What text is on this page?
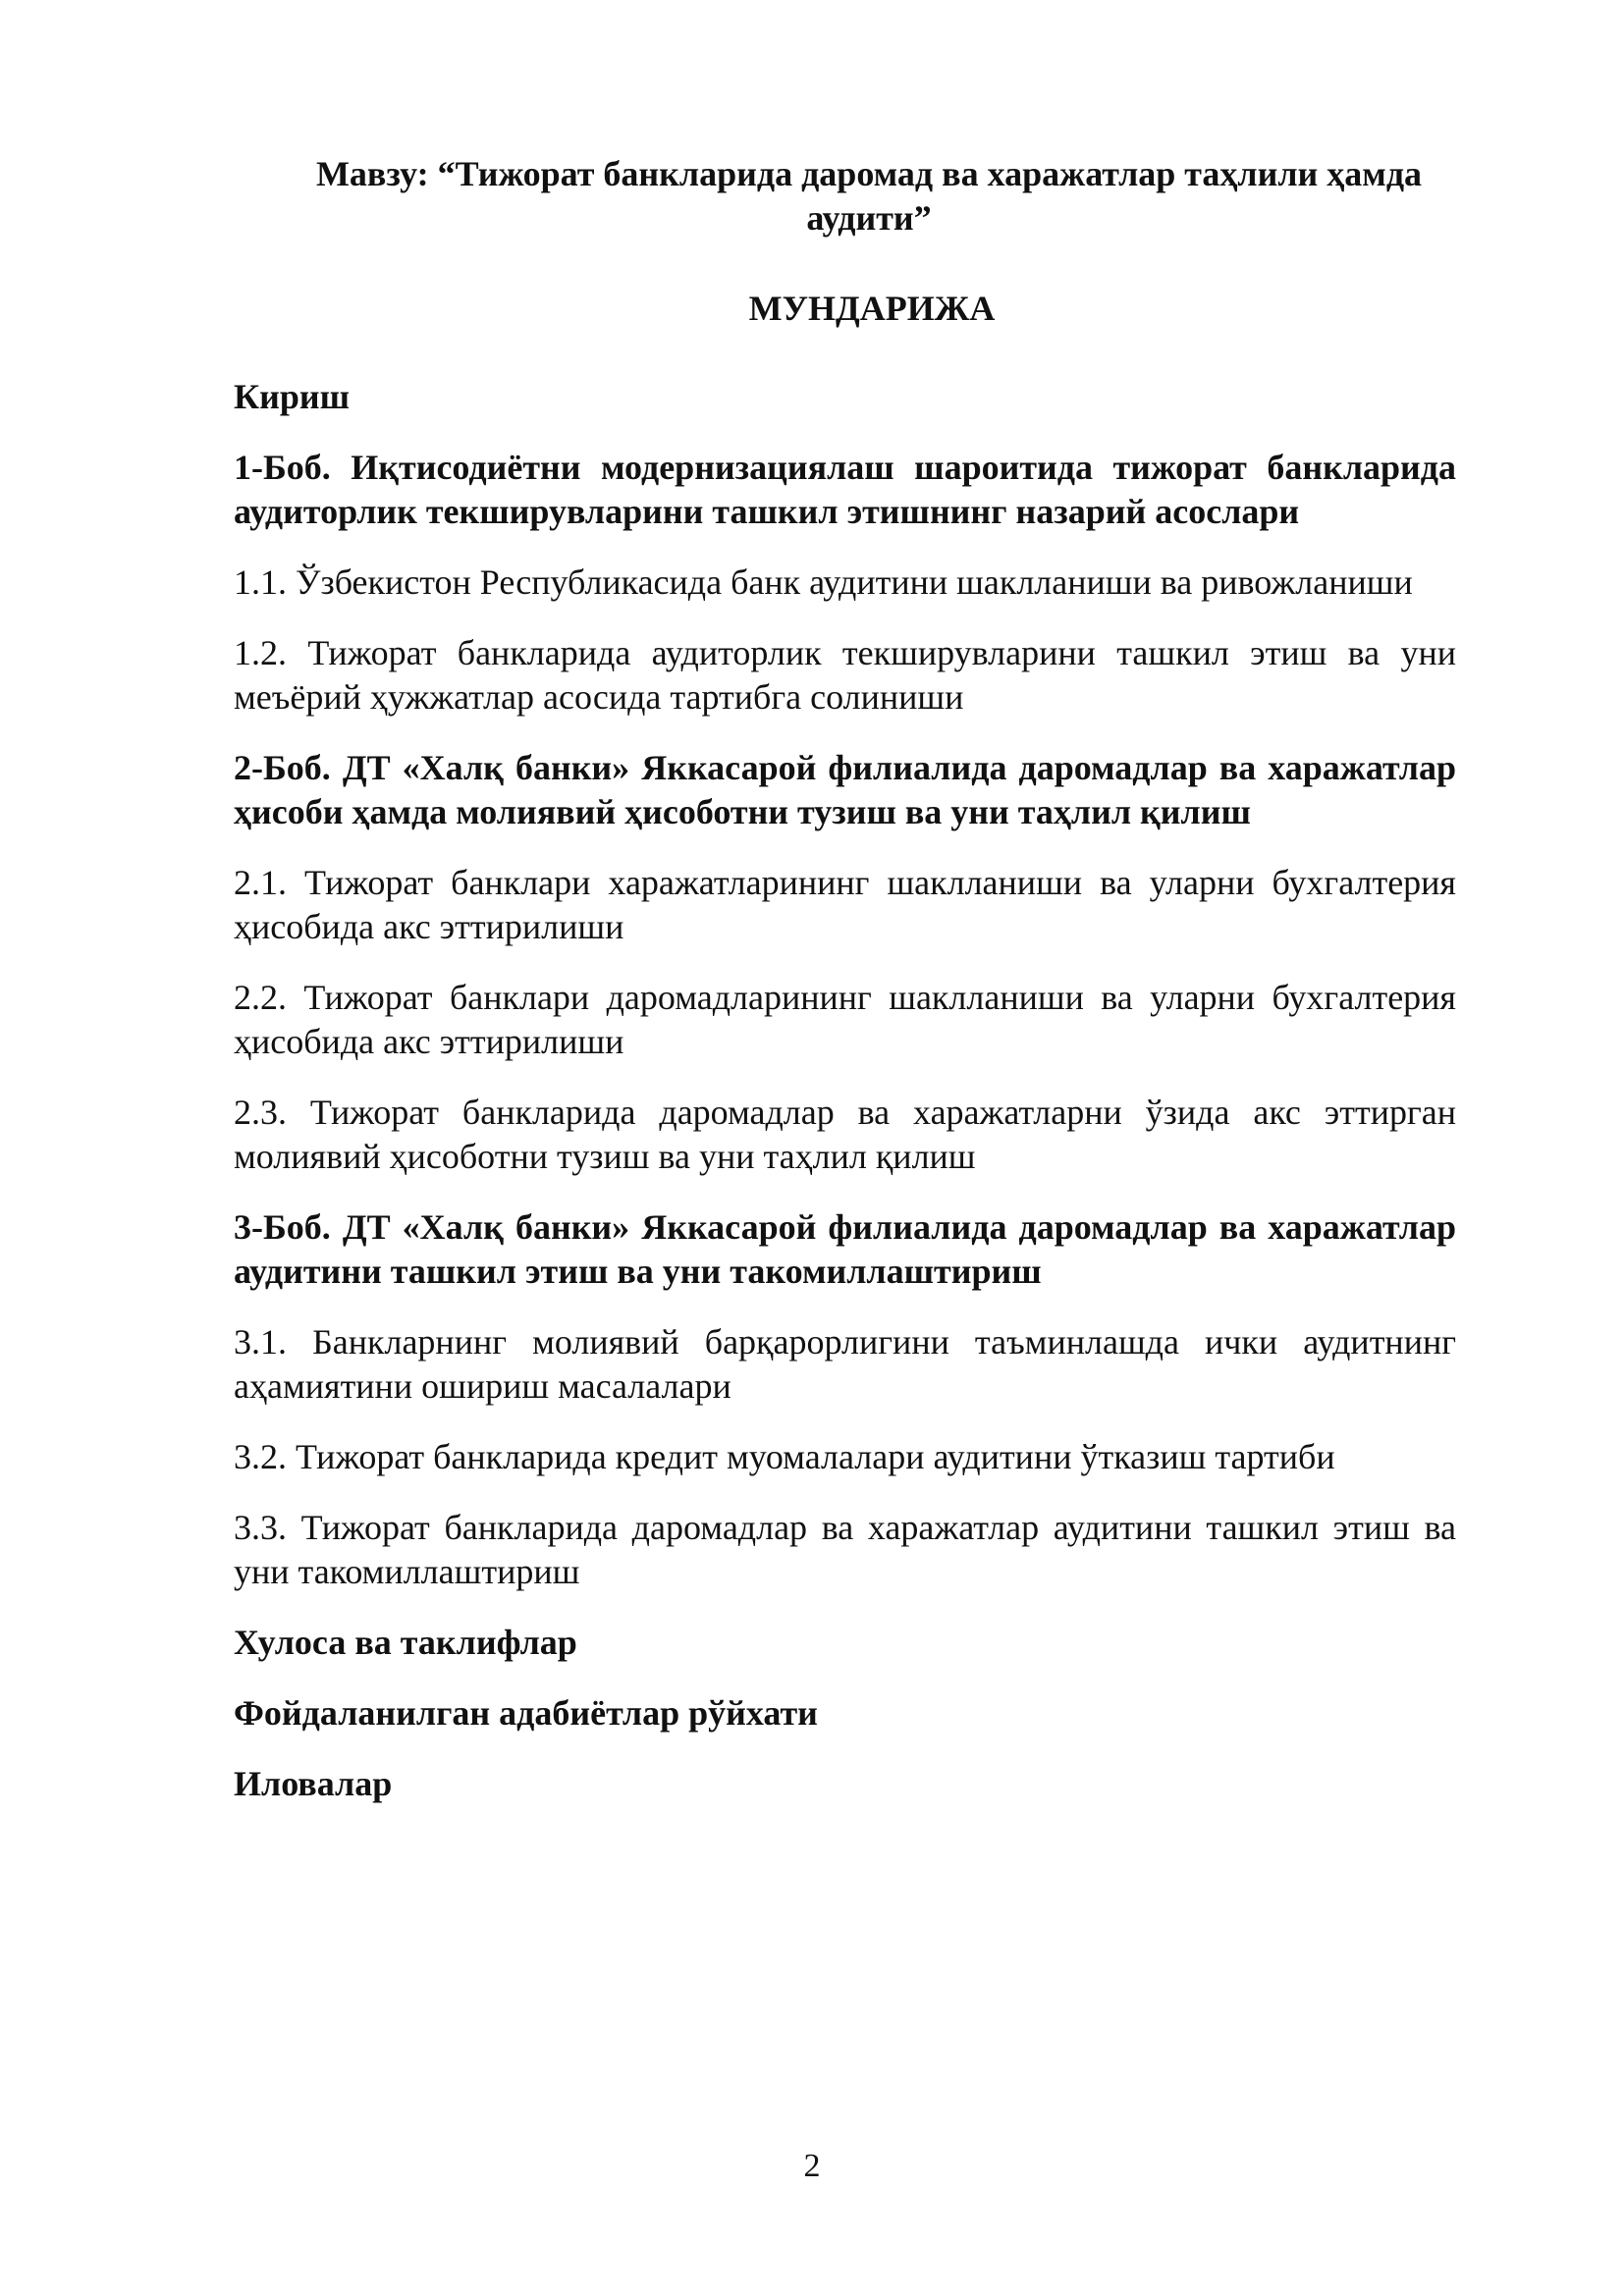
Мавзу: “Тижорат банкларида даромад ва харажатлар таҳлили ҳамда аудити”
МУНДАРИЖА
Кириш
1-Боб. Иқтисодиётни модернизациялаш шароитида тижорат банкларида аудиторлик текширувларини ташкил этишнинг назарий асослари
1.1. Ўзбекистон Республикасида банк аудитини шаклланиши ва ривожланиши
1.2. Тижорат банкларида аудиторлик текширувларини ташкил этиш ва уни меъёрий ҳужжатлар асосида тартибга солиниши
2-Боб. ДТ «Халқ банки» Яккасарой филиалида даромадлар ва харажатлар ҳисоби ҳамда молиявий ҳисоботни тузиш ва уни таҳлил қилиш
2.1. Тижорат банклари харажатларининг шаклланиши ва уларни бухгалтерия ҳисобида акс эттирилиши
2.2. Тижорат банклари даромадларининг шаклланиши ва уларни бухгалтерия ҳисобида акс эттирилиши
2.3. Тижорат банкларида даромадлар ва харажатларни ўзида акс эттирган молиявий ҳисоботни тузиш ва уни таҳлил қилиш
3-Боб. ДТ «Халқ банки» Яккасарой филиалида даромадлар ва харажатлар аудитини ташкил этиш ва уни такомиллаштириш
3.1. Банкларнинг молиявий барқарорлигини таъминлашда ички аудитнинг аҳамиятини ошириш масалалари
3.2. Тижорат банкларида кредит муомалалари аудитини ўтказиш тартиби
3.3. Тижорат банкларида даромадлар ва харажатлар аудитини ташкил этиш ва уни такомиллаштириш
Хулоса ва таклифлар
Фойдаланилган адабиётлар рўйхати
Иловалар
2
